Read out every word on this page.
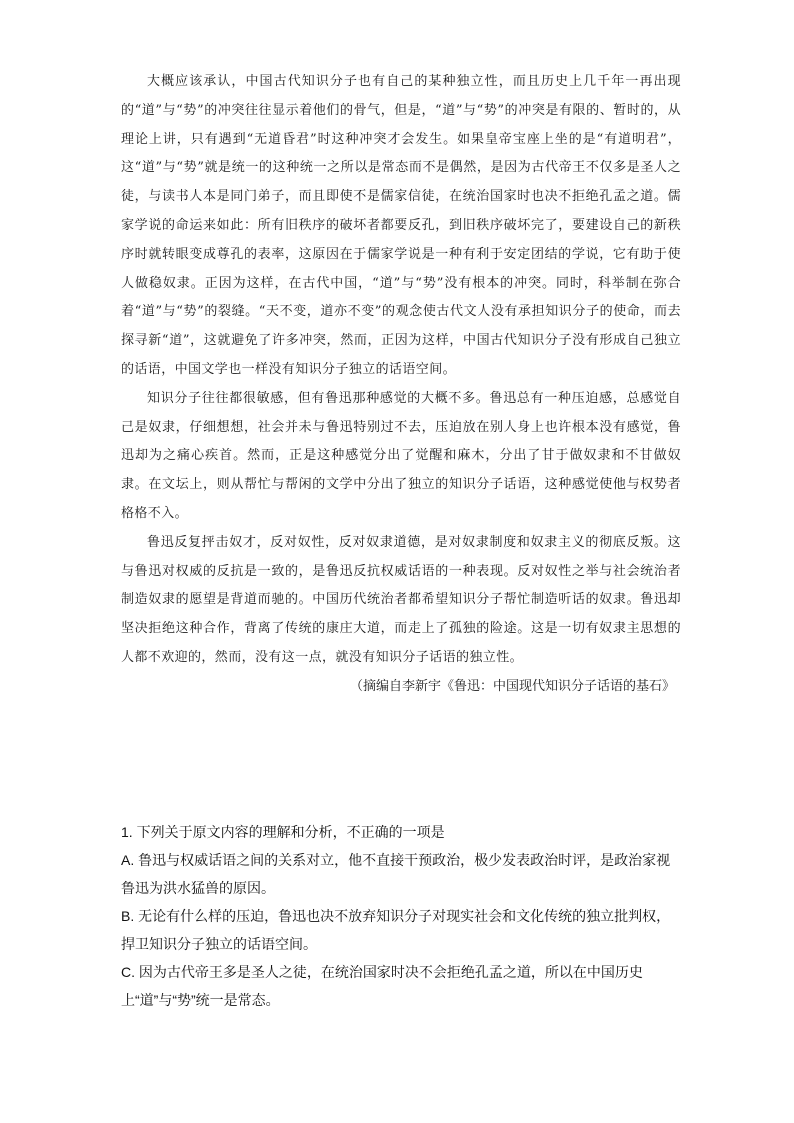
大概应该承认，中国古代知识分子也有自己的某种独立性，而且历史上几千年一再出现的“道”与“势”的冲突往往显示着他们的骨气，但是，“道”与“势”的冲突是有限的、暂时的，从理论上讲，只有遇到“无道昏君”时这种冲突才会发生。如果皇帝宝座上坐的是“有道明君”，这“道”与“势”就是统一的这种统一之所以是常态而不是偶然，是因为古代帝王不仅多是圣人之徒，与读书人本是同门弟子，而且即使不是儒家信徒，在统治国家时也决不拒绝孔孟之道。儒家学说的命运来如此：所有旧秩序的破坏者都要反孔，到旧秩序破坏完了，要建设自己的新秩序时就转眼变成尊孔的表率，这原因在于儒家学说是一种有利于安定团结的学说，它有助于使人做稳奴隶。正因为这样，在古代中国，“道”与“势”没有根本的冲突。同时，科举制在弥合着“道”与“势”的裂缝。“天不变，道亦不变”的观念使古代文人没有承担知识分子的使命，而去探寻新“道”，这就避免了许多冲突，然而，正因为这样，中国古代知识分子没有形成自己独立的话语，中国文学也一样没有知识分子独立的话语空间。

知识分子往往都很敏感，但有鲁迅那种感觉的大概不多。鲁迅总有一种压迫感，总感觉自己是奴隶，仔细想想，社会并未与鲁迅特别过不去，压迫放在别人身上也许根本没有感觉，鲁迅却为之痛心疾首。然而，正是这种感觉分出了觉醒和麻木，分出了甘于做奴隶和不甘做奴隶。在文坛上，则从帮忙与帮闲的文学中分出了独立的知识分子话语，这种感觉使他与权势者格格不入。

鲁迅反复抨击奴才，反对奴性，反对奴隶道德，是对奴隶制度和奴隶主义的彻底反叛。这与鲁迅对权威的反抗是一致的，是鲁迅反抗权威话语的一种表现。反对奴性之举与社会统治者制造奴隶的愿望是背道而驰的。中国历代统治者都希望知识分子帮忙制造听话的奴隶。鲁迅却坚决拒绝这种合作，背离了传统的康庄大道，而走上了孤独的险途。这是一切有奴隶主思想的人都不欢迎的，然而，没有这一点，就没有知识分子话语的独立性。

（摘编自李新宇《鲁迅：中国现代知识分子话语的基石》

1. 下列关于原文内容的理解和分析，不正确的一项是

A. 鲁迅与权威话语之间的关系对立，他不直接干预政治，极少发表政治时评，是政治家视鲁迅为洪水猛兽的原因。

B. 无论有什么样的压迫，鲁迅也决不放弃知识分子对现实社会和文化传统的独立批判权，捍卫知识分子独立的话语空间。

C. 因为古代帝王多是圣人之徒，在统治国家时决不会拒绝孔孟之道，所以在中国历史上“道”与“势”统一是常态。
